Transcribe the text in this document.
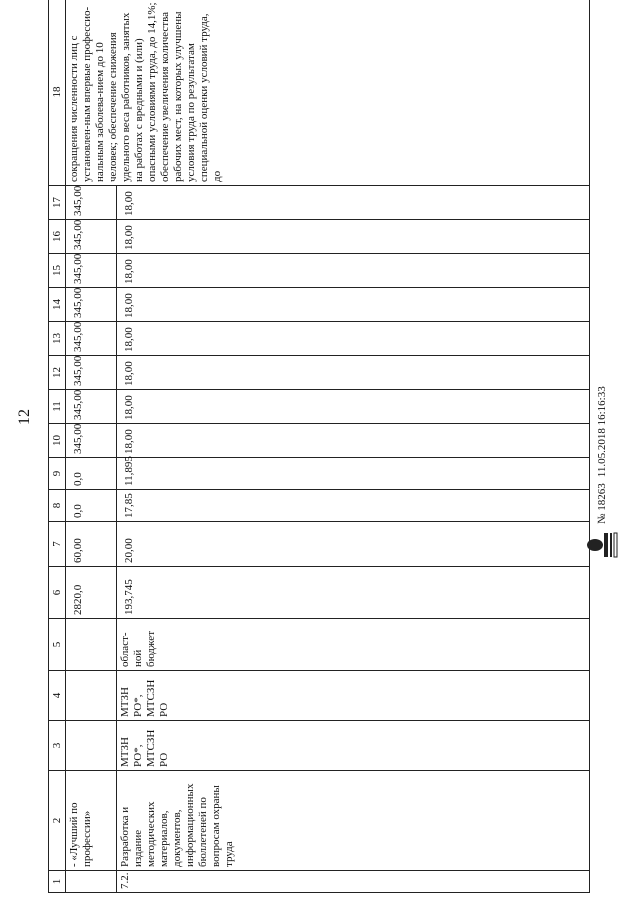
12
1	2	3	4	5	6	7	8	9	10	11	12	13	14	15	16	17	18
	- «Лучший по профессии»				2820,0	60,00	0,0	0,0	345,00	345,00	345,00	345,00	345,00	345,00	345,00	345,00	сокращения численности лиц с установлен-ным впервые профессио-нальным заболева-нием до 10 человек; обеспечение снижения удельного веса работников, занятых на работах с вредными и (или) опасными условиями труда, до 14,1%; обеспечение увеличения количества рабочих мест, на которых улучшены условия труда по результатам специальной оценки условий труда, до
7.2.	Разработка и издание методических материалов, документов, информационных бюллетеней по вопросам охраны труда	МТЗН РО*, МТСЗН РО	МТЗН РО*, МТСЗН РО	област-ной бюджет	193,745	20,00	17,85	11,895	18,00	18,00	18,00	18,00	18,00	18,00	18,00	18,00	
№ 18263
11.05.2018 16:16:33
